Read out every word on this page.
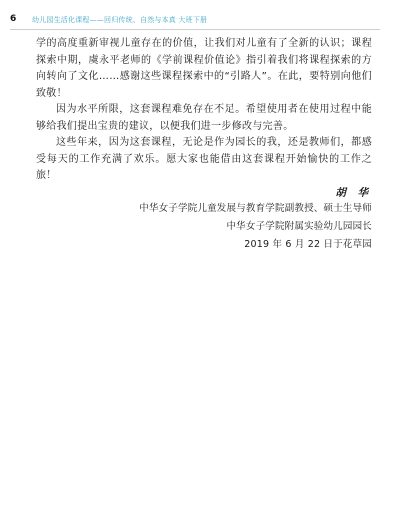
6 幼儿园生活化课程——回归传统、自然与本真 大班下册

学的高度重新审视儿童存在的价值，让我们对儿童有了全新的认识；课程探索中期，虞永平老师的《学前课程价值论》指引着我们将课程探索的方向转向了文化……感谢这些课程探索中的“引路人”。在此，要特别向他们致敬！

因为水平所限，这套课程难免存在不足。希望使用者在使用过程中能够给我们提出宝贵的建议，以便我们进一步修改与完善。

这些年来，因为这套课程，无论是作为园长的我，还是教师们，都感受每天的工作充满了欢乐。愿大家也能借由这套课程开始愉快的工作之旅！

胡 华
中华女子学院儿童发展与教育学院副教授、硕士生导师
中华女子学院附属实验幼儿园园长
2019 年 6 月 22 日于花草园
